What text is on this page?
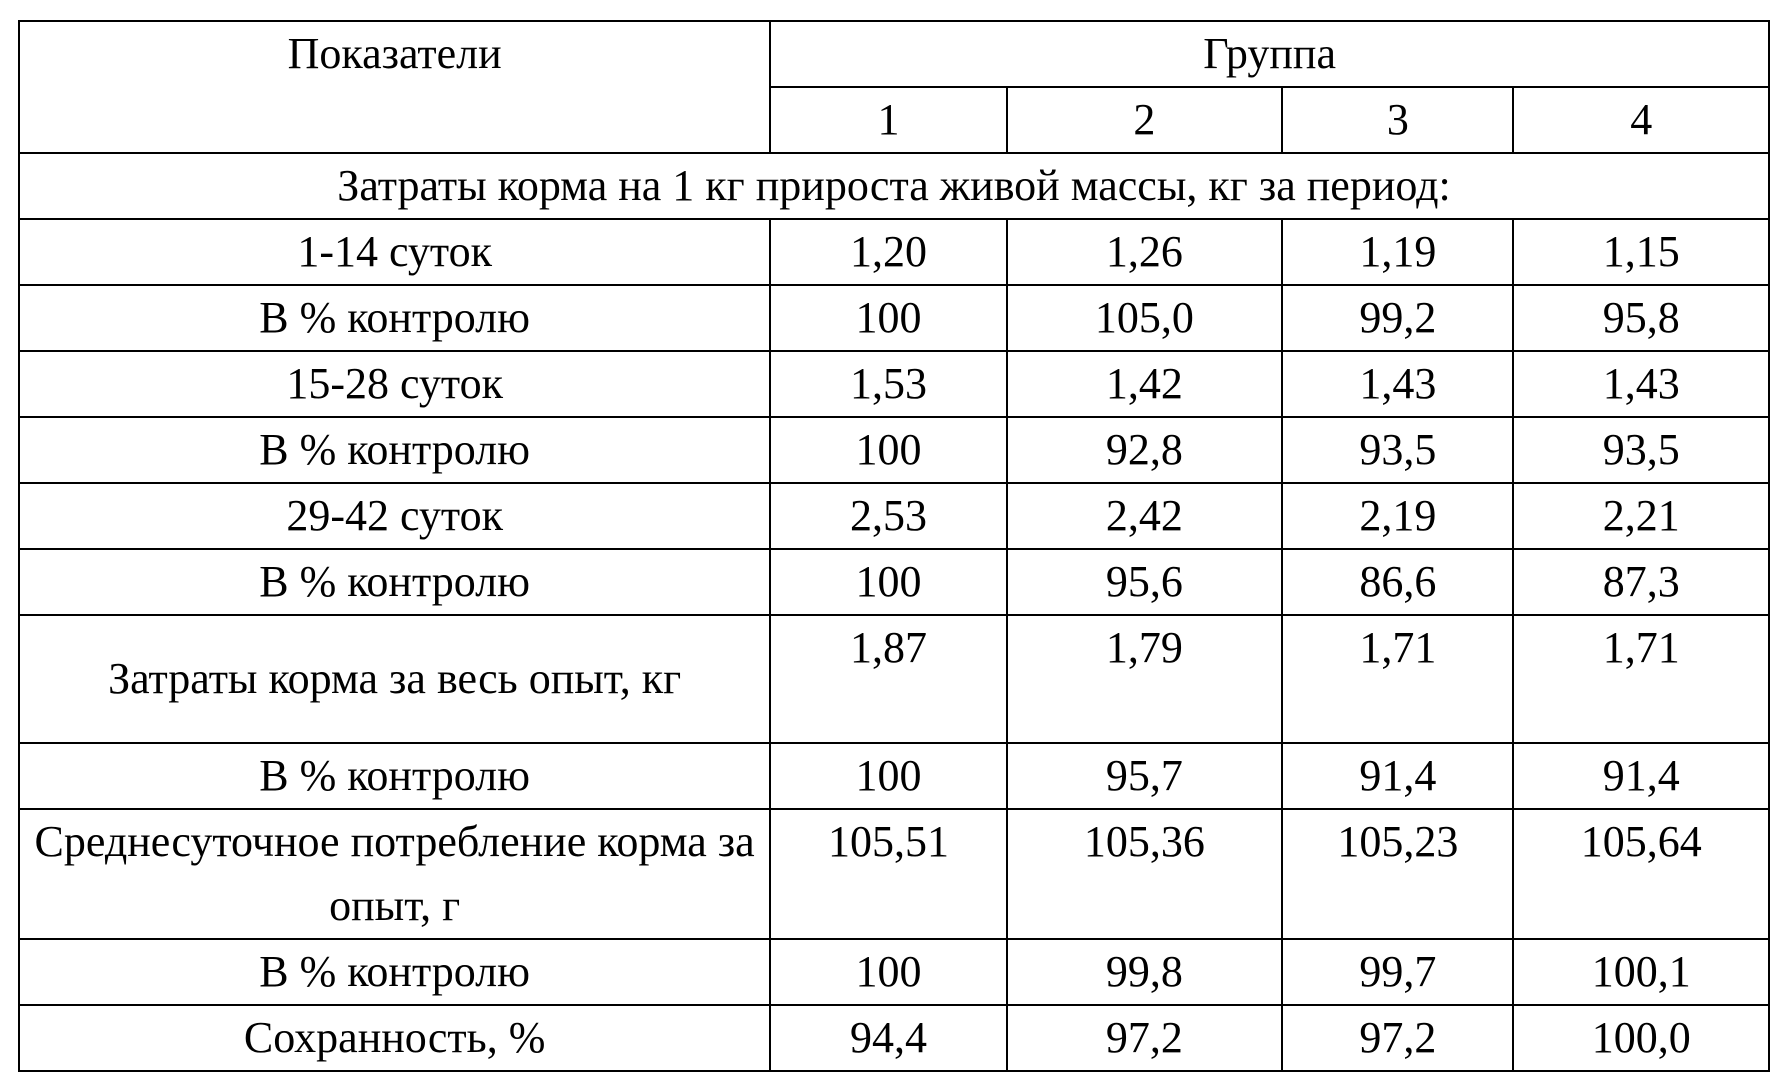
Показатели	Группа			
	1	2	3	4
Затраты корма на 1 кг прироста живой массы, кг за период:				
1-14 суток	1,20	1,26	1,19	1,15
В % контролю	100	105,0	99,2	95,8
15-28 суток	1,53	1,42	1,43	1,43
В % контролю	100	92,8	93,5	93,5
29-42 суток	2,53	2,42	2,19	2,21
В % контролю	100	95,6	86,6	87,3
Затраты корма за весь опыт, кг	1,87	1,79	1,71	1,71
В % контролю	100	95,7	91,4	91,4
Среднесуточное потребление корма за опыт, г	105,51	105,36	105,23	105,64
В % контролю	100	99,8	99,7	100,1
Сохранность, %	94,4	97,2	97,2	100,0
